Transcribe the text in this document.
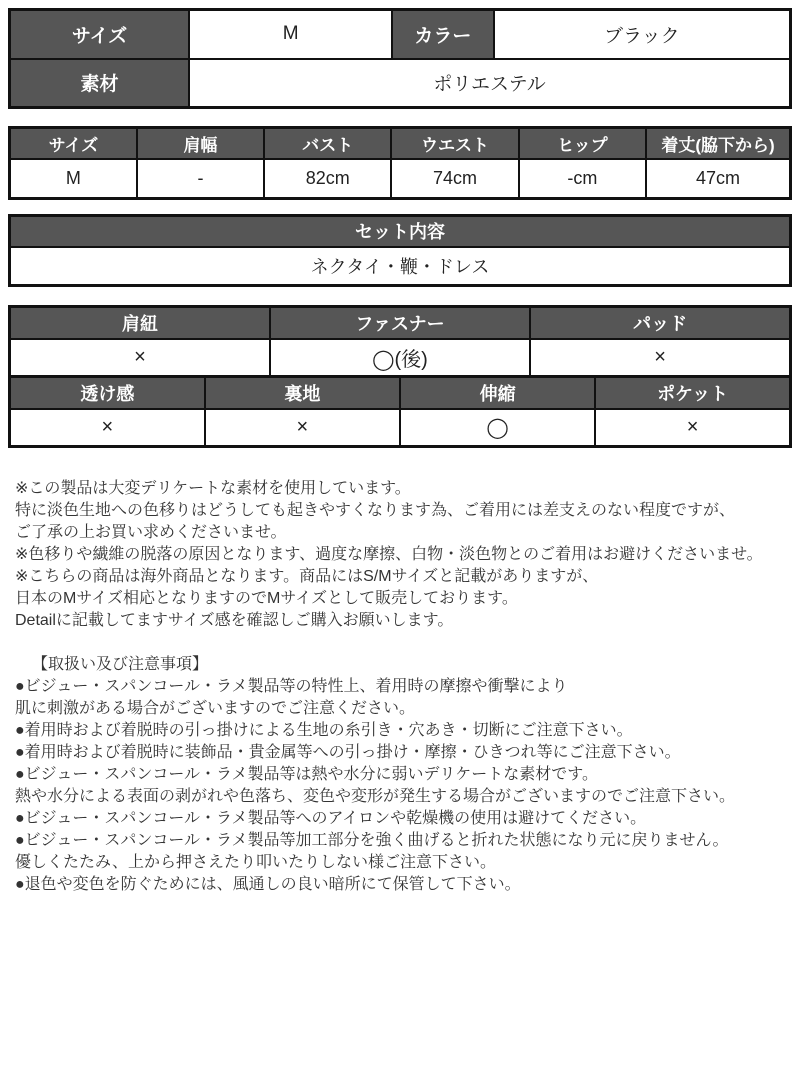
サイズ	M	カラー	ブラック
素材	ポリエステル		
サイズ	肩幅	バスト	ウエスト	ヒップ	着丈(脇下から)
M	-	82cm	74cm	-cm	47cm
セット内容
ネクタイ・鞭・ドレス
肩紐	ファスナー	パッド
×	◯(後)	×
透け感	裏地	伸縮	ポケット
×	×	◯	×
※この製品は大変デリケートな素材を使用しています。
特に淡色生地への色移りはどうしても起きやすくなります為、ご着用には差支えのない程度ですが、
ご了承の上お買い求めくださいませ。
※色移りや繊維の脱落の原因となります、過度な摩擦、白物・淡色物とのご着用はお避けくださいませ。
※こちらの商品は海外商品となります。商品にはS/Mサイズと記載がありますが、
日本のMサイズ相応となりますのでMサイズとして販売しております。
Detailに記載してますサイズ感を確認しご購入お願いします。
【取扱い及び注意事項】
●ビジュー・スパンコール・ラメ製品等の特性上、着用時の摩擦や衝撃により
肌に刺激がある場合がございますのでご注意ください。
●着用時および着脱時の引っ掛けによる生地の糸引き・穴あき・切断にご注意下さい。
●着用時および着脱時に装飾品・貴金属等への引っ掛け・摩擦・ひきつれ等にご注意下さい。
●ビジュー・スパンコール・ラメ製品等は熱や水分に弱いデリケートな素材です。
熱や水分による表面の剥がれや色落ち、変色や変形が発生する場合がございますのでご注意下さい。
●ビジュー・スパンコール・ラメ製品等へのアイロンや乾燥機の使用は避けてください。
●ビジュー・スパンコール・ラメ製品等加工部分を強く曲げると折れた状態になり元に戻りません。
優しくたたみ、上から押さえたり叩いたりしない様ご注意下さい。
●退色や変色を防ぐためには、風通しの良い暗所にて保管して下さい。
